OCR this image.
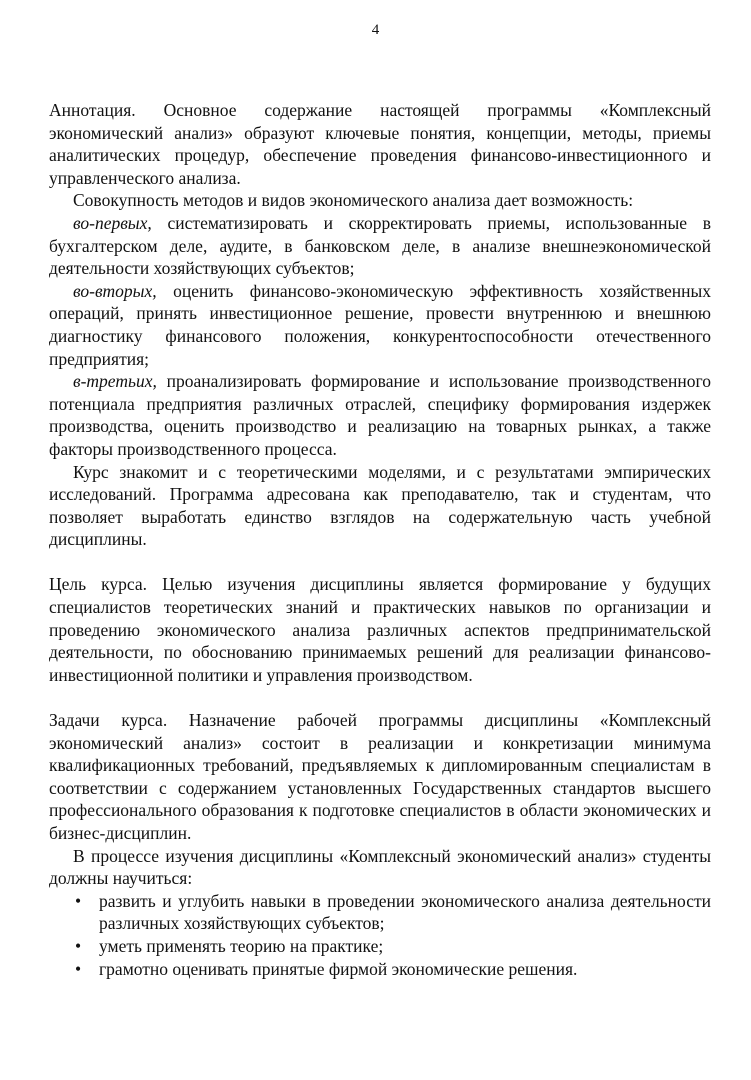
4

Аннотация. Основное содержание настоящей программы «Комплексный экономический анализ» образуют ключевые понятия, концепции, методы, приемы аналитических процедур, обеспечение проведения финансово-инвестиционного и управленческого анализа.

Совокупность методов и видов экономического анализа дает возможность:

во-первых, систематизировать и скорректировать приемы, использованные в бухгалтерском деле, аудите, в банковском деле, в анализе внешнеэкономической деятельности хозяйствующих субъектов;

во-вторых, оценить финансово-экономическую эффективность хозяйственных операций, принять инвестиционное решение, провести внутреннюю и внешнюю диагностику финансового положения, конкурентоспособности отечественного предприятия;

в-третьих, проанализировать формирование и использование производственного потенциала предприятия различных отраслей, специфику формирования издержек производства, оценить производство и реализацию на товарных рынках, а также факторы производственного процесса.

Курс знакомит и с теоретическими моделями, и с результатами эмпирических исследований. Программа адресована как преподавателю, так и студентам, что позволяет выработать единство взглядов на содержательную часть учебной дисциплины.

Цель курса. Целью изучения дисциплины является формирование у будущих специалистов теоретических знаний и практических навыков по организации и проведению экономического анализа различных аспектов предпринимательской деятельности, по обоснованию принимаемых решений для реализации финансово-инвестиционной политики и управления производством.

Задачи курса. Назначение рабочей программы дисциплины «Комплексный экономический анализ» состоит в реализации и конкретизации минимума квалификационных требований, предъявляемых к дипломированным специалистам в соответствии с содержанием установленных Государственных стандартов высшего профессионального образования к подготовке специалистов в области экономических и бизнес-дисциплин.

В процессе изучения дисциплины «Комплексный экономический анализ» студенты должны научиться:

• развить и углубить навыки в проведении экономического анализа деятельности различных хозяйствующих субъектов;
• уметь применять теорию на практике;
• грамотно оценивать принятые фирмой экономические решения.
